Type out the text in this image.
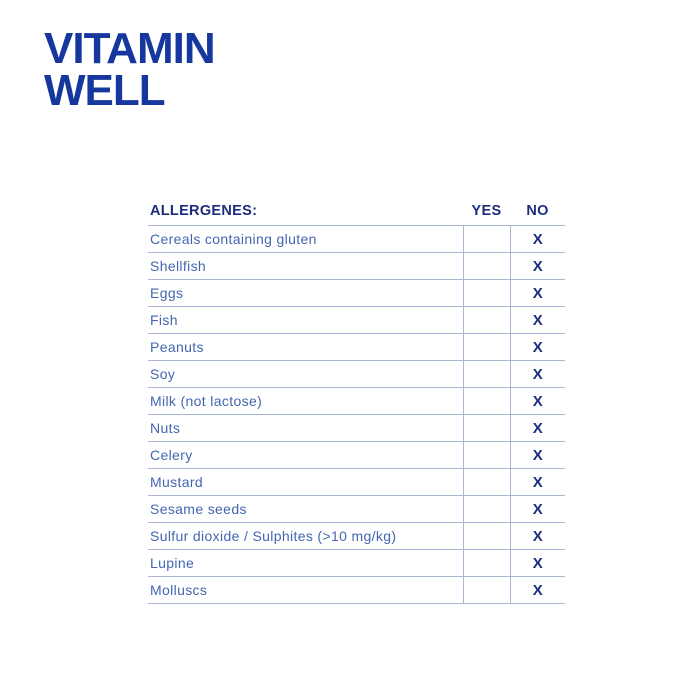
VITAMIN
WELL
ALLERGENES:	YES	NO
Cereals containing gluten		X
Shellfish		X
Eggs		X
Fish		X
Peanuts		X
Soy		X
Milk (not lactose)		X
Nuts		X
Celery		X
Mustard		X
Sesame seeds		X
Sulfur dioxide / Sulphites (>10 mg/kg)		X
Lupine		X
Molluscs		X
